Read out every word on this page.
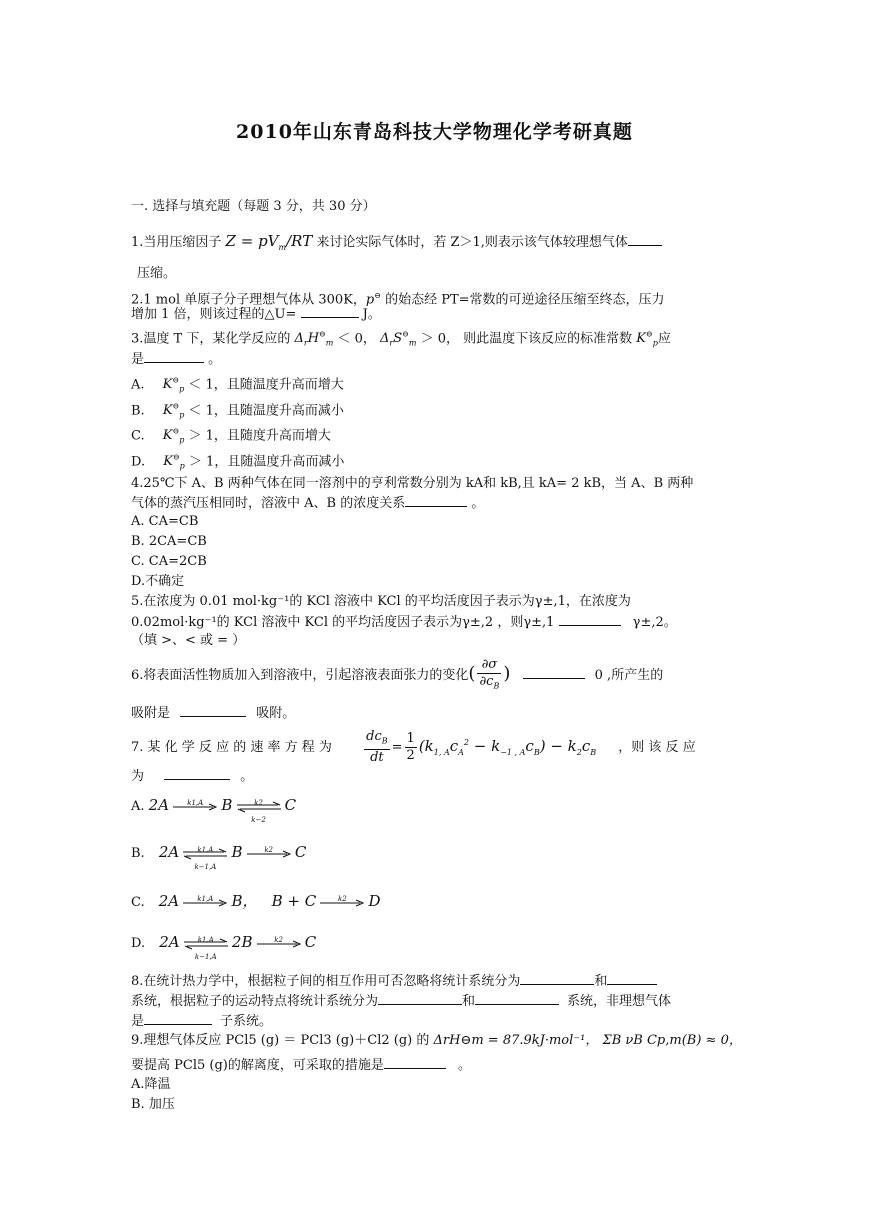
2010年山东青岛科技大学物理化学考研真题
一. 选择与填充题（每题 3 分，共 30 分）
1.当用压缩因子 $Z = pV_m/RT$ 来讨论实际气体时，若 Z＞1,则表示该气体较理想气体
压缩。
2.1 mol 单原子分子理想气体从 300K，p⊖ 的始态经 PT=常数的可逆途径压缩至终态，压力
增加 1 倍，则该过程的△U=	J。
3.温度 T 下，某化学反应的 $\Delta_rH^⊖_m < 0$， $\Delta_rS^⊖_m > 0$， 则此温度下该反应的标准常数 $K^⊖_p$应
是	。
A. $K^⊖_p < 1$，且随温度升高而增大
B. $K^⊖_p < 1$，且随温度升高而减小
C. $K^⊖_p > 1$，且随度升高而增大
D. $K^⊖_p > 1$，且随温度升高而减小
4.25℃下 A、B 两种气体在同一溶剂中的亨利常数分别为 kA和 kB,且 kA= 2 kB，当 A、B 两种
气体的蒸汽压相同时，溶液中 A、B 的浓度关系	。
A. CA=CB
B. 2CA=CB
C. CA=2CB
D.不确定
5.在浓度为 0.01 mol·kg⁻¹的 KCl 溶液中 KCl 的平均活度因子表示为γ±,1，在浓度为
0.02mol·kg⁻¹的 KCl 溶液中 KCl 的平均活度因子表示为γ±,2 ，则γ±,1	γ±,2。
（填 >、< 或 = ）
6.将表面活性物质加入到溶液中，引起溶液表面张力的变化( $\frac{\partial\sigma}{\partial c_B}$ )	0 ,所产生的
吸附是	吸附。
7. 某 化 学 反 应 的 速 率 方 程 为 $\frac{dc_B}{dt} = \frac{1}{2} (k_{1, A}c_A^2 - k_{-1 , A}c_B) - k_2c_B$ ，则 该 反 应
为	。
A. 2A	k1,A B	k2
k−2
C
B. 2A	k1,A
k−1,A
B	k2 C
C. 2A	k1,A B， B + C	k2 D
D. 2A	k1,A
k−1,A
2B	k2 C
8.在统计热力学中，根据粒子间的相互作用可否忽略将统计系统分为	和
系统，根据粒子的运动特点将统计系统分为	和	系统，非理想气体
是	子系统。
9.理想气体反应 PCl5 (g) ＝ PCl3 (g)＋Cl2 (g) 的 ΔrH⊖m = 87.9kJ·mol⁻¹， ΣB νB Cp,m(B) ≈ 0，
要提高 PCl5 (g)的解离度，可采取的措施是	。
A.降温
B. 加压
